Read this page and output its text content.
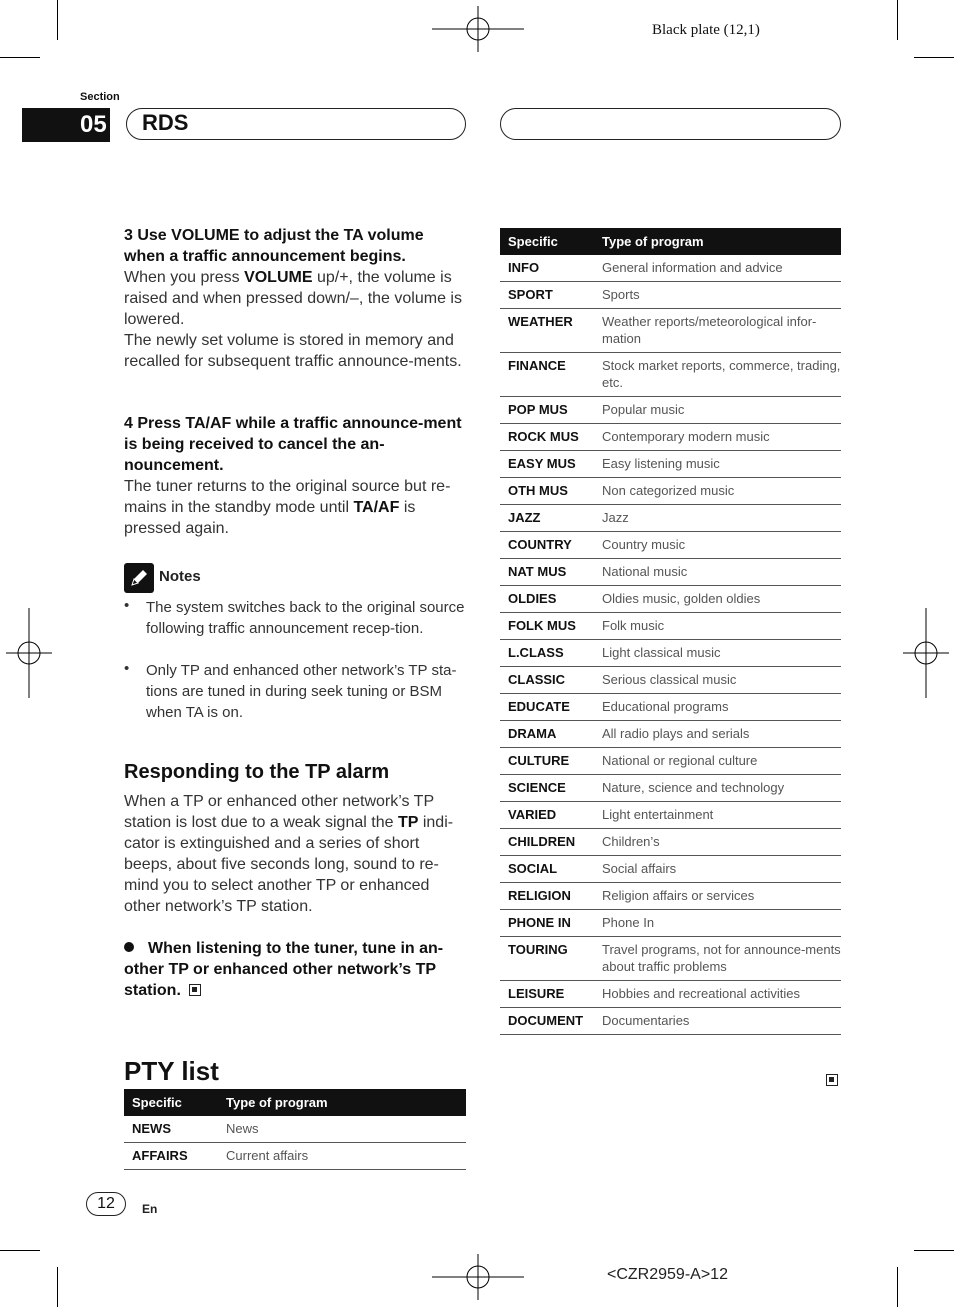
Black plate (12,1)
Section
05 RDS
3 Use VOLUME to adjust the TA volume when a traffic announcement begins.
When you press VOLUME up/+, the volume is raised and when pressed down/–, the volume is lowered.
The newly set volume is stored in memory and recalled for subsequent traffic announce-ments.
4 Press TA/AF while a traffic announce-ment is being received to cancel the an-nouncement.
The tuner returns to the original source but re-mains in the standby mode until TA/AF is pressed again.
Notes
• The system switches back to the original source following traffic announcement recep-tion.
• Only TP and enhanced other network’s TP sta-tions are tuned in during seek tuning or BSM when TA is on.
Responding to the TP alarm
When a TP or enhanced other network’s TP station is lost due to a weak signal the TP indi-cator is extinguished and a series of short beeps, about five seconds long, sound to re-mind you to select another TP or enhanced other network’s TP station.
When listening to the tuner, tune in an-other TP or enhanced other network’s TP station.
PTY list
Specific	Type of program
NEWS	News
AFFAIRS	Current affairs
Specific	Type of program
INFO	General information and advice
SPORT	Sports
WEATHER	Weather reports/meteorological infor-mation
FINANCE	Stock market reports, commerce, trading, etc.
POP MUS	Popular music
ROCK MUS	Contemporary modern music
EASY MUS	Easy listening music
OTH MUS	Non categorized music
JAZZ	Jazz
COUNTRY	Country music
NAT MUS	National music
OLDIES	Oldies music, golden oldies
FOLK MUS	Folk music
L.CLASS	Light classical music
CLASSIC	Serious classical music
EDUCATE	Educational programs
DRAMA	All radio plays and serials
CULTURE	National or regional culture
SCIENCE	Nature, science and technology
VARIED	Light entertainment
CHILDREN	Children’s
SOCIAL	Social affairs
RELIGION	Religion affairs or services
PHONE IN	Phone In
TOURING	Travel programs, not for announce-ments about traffic problems
LEISURE	Hobbies and recreational activities
DOCUMENT	Documentaries
12	En
<CZR2959-A>12
